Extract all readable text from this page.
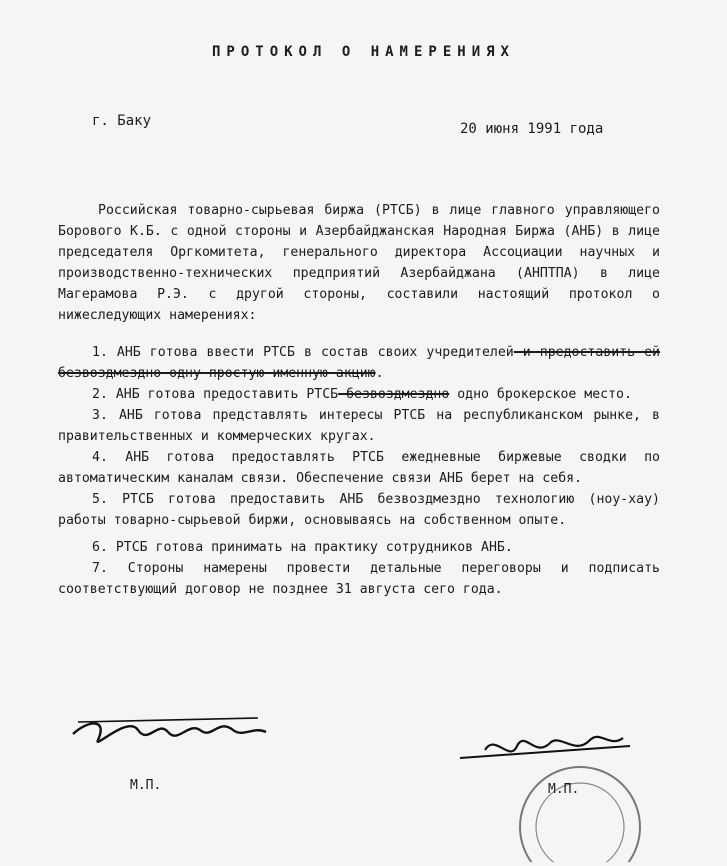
ПРОТОКОЛ О НАМЕРЕНИЯХ
г. Баку	20 июня 1991 года

Российская товарно-сырьевая биржа (РТСБ) в лице главного управляющего Борового К.Б. с одной стороны и Азербайджанская Народная Биржа (АНБ) в лице председателя Оргкомитета, генерального директора Ассоциации научных и производственно-технических предприятий Азербайджана (АНПТПА) в лице Магерамова Р.Э. с другой стороны, составили настоящий протокол о нижеследующих намерениях:

1. АНБ готова ввести РТСБ в состав своих учредителей и предоставить ей безвоздмездно одну простую именную акцию.

2. АНБ готова предоставить РТСБ безвоздмездно одно брокерское место.

3. АНБ готова представлять интересы РТСБ на республиканском рынке, в правительственных и коммерческих кругах.

4. АНБ готова предоставлять РТСБ ежедневные биржевые сводки по автоматическим каналам связи. Обеспечение связи АНБ берет на себя.

5. РТСБ готова предоставить АНБ безвоздмездно технологию (ноу-хау) работы товарно-сырьевой биржи, основываясь на собственном опыте.

6. РТСБ готова принимать на практику сотрудников АНБ.

7. Стороны намерены провести детальные переговоры и подписать соответствующий договор не позднее 31 августа сего года.

М.П.	М.П.
